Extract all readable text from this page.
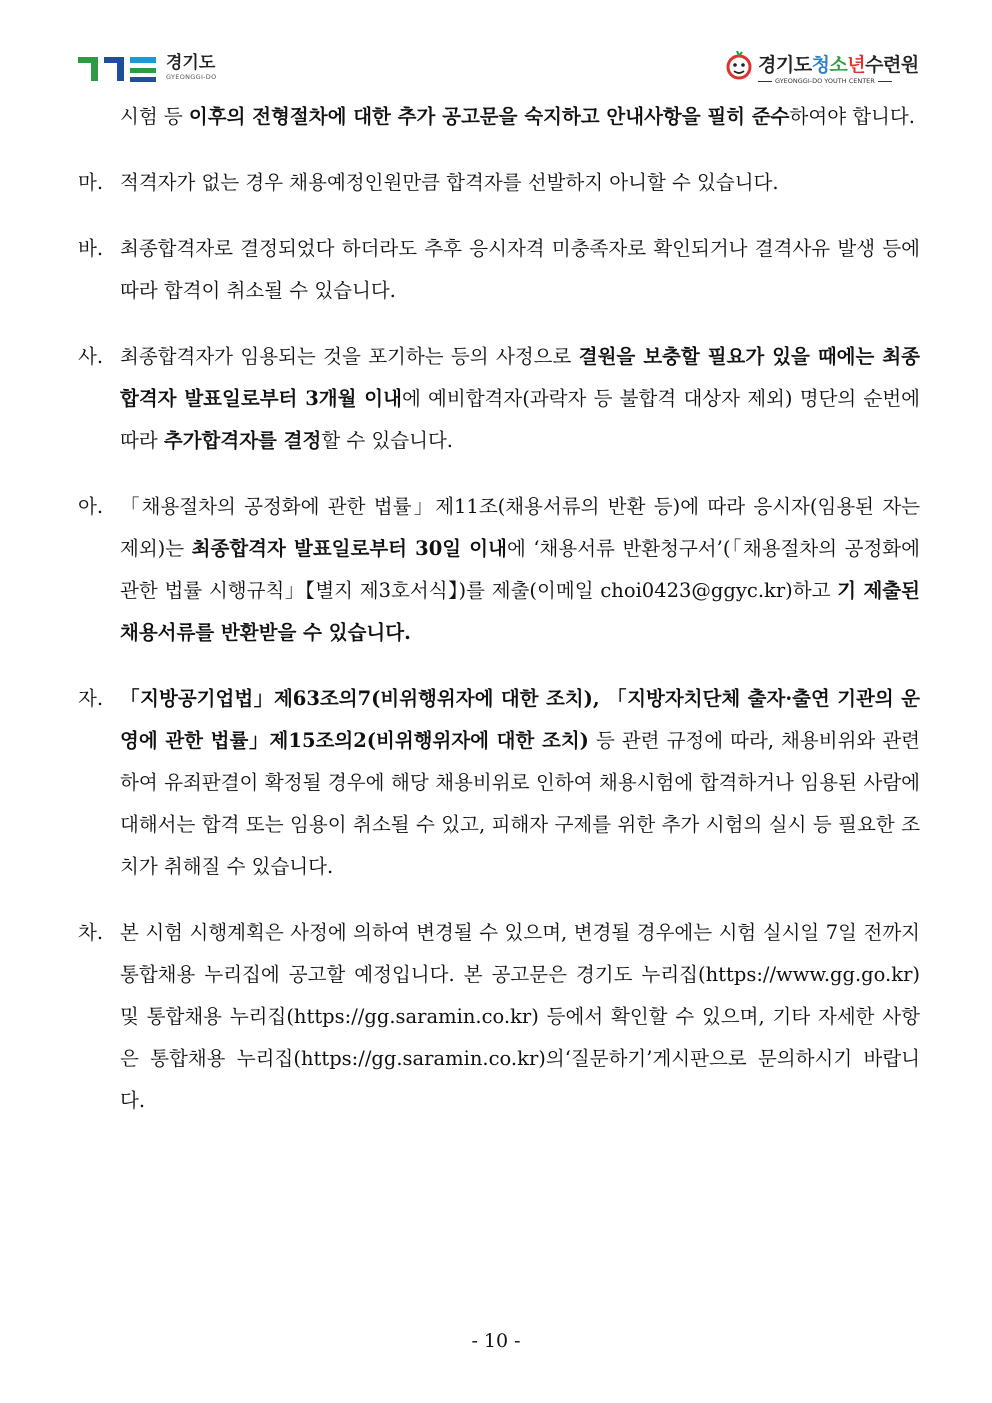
경기도
GYEONGGI-DO
경기도청소년수련원
GYEONGGI-DO YOUTH CENTER
시험 등 이후의 전형절차에 대한 추가 공고문을 숙지하고 안내사항을 필히 준수하여야 합니다.
마. 적격자가 없는 경우 채용예정인원만큼 합격자를 선발하지 아니할 수 있습니다.
바. 최종합격자로 결정되었다 하더라도 추후 응시자격 미충족자로 확인되거나 결격사유 발생 등에 따라 합격이 취소될 수 있습니다.
사. 최종합격자가 임용되는 것을 포기하는 등의 사정으로 결원을 보충할 필요가 있을 때에는 최종합격자 발표일로부터 3개월 이내에 예비합격자(과락자 등 불합격 대상자 제외) 명단의 순번에 따라 추가합격자를 결정할 수 있습니다.
아. 「채용절차의 공정화에 관한 법률」제11조(채용서류의 반환 등)에 따라 응시자(임용된 자는 제외)는 최종합격자 발표일로부터 30일 이내에 ‘채용서류 반환청구서’(「채용절차의 공정화에 관한 법률 시행규칙」【별지 제3호서식】)를 제출(이메일 choi0423@ggyc.kr)하고 기 제출된 채용서류를 반환받을 수 있습니다.
자. 「지방공기업법」제63조의7(비위행위자에 대한 조치), 「지방자치단체 출자·출연 기관의 운영에 관한 법률」제15조의2(비위행위자에 대한 조치) 등 관련 규정에 따라, 채용비위와 관련하여 유죄판결이 확정될 경우에 해당 채용비위로 인하여 채용시험에 합격하거나 임용된 사람에 대해서는 합격 또는 임용이 취소될 수 있고, 피해자 구제를 위한 추가 시험의 실시 등 필요한 조치가 취해질 수 있습니다.
차. 본 시험 시행계획은 사정에 의하여 변경될 수 있으며, 변경될 경우에는 시험 실시일 7일 전까지 통합채용 누리집에 공고할 예정입니다. 본 공고문은 경기도 누리집(https://www.gg.go.kr) 및 통합채용 누리집(https://gg.saramin.co.kr) 등에서 확인할 수 있으며, 기타 자세한 사항은 통합채용 누리집(https://gg.saramin.co.kr)의‘질문하기’게시판으로 문의하시기 바랍니다.
- 10 -
